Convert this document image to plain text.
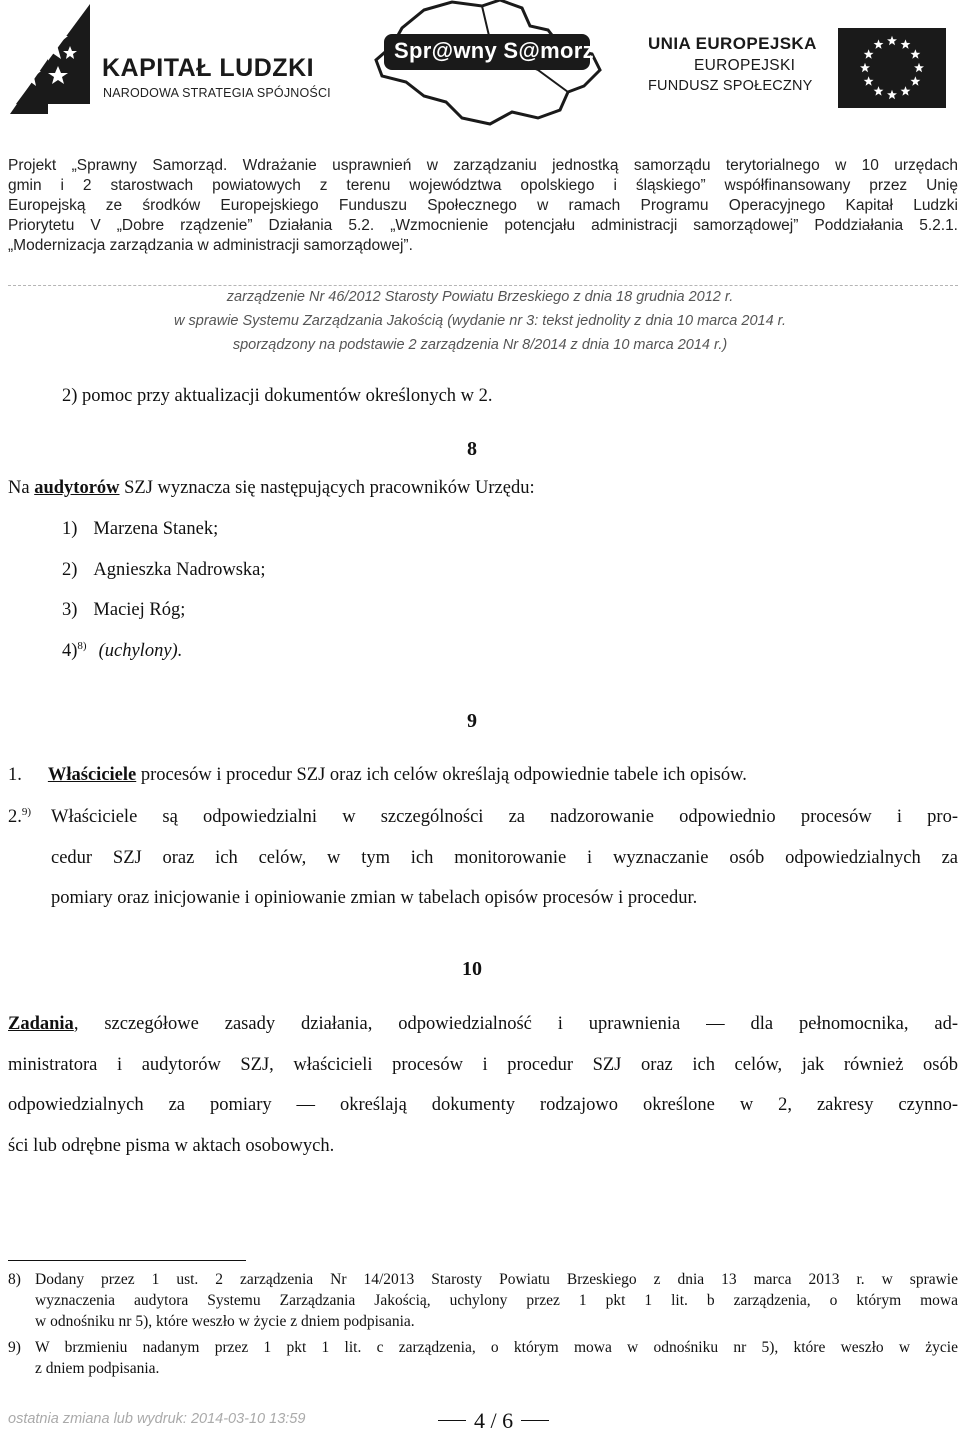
KAPITAŁ LUDZKI
NARODOWA STRATEGIA SPÓJNOŚCI
Spr@wny S@morząd UNIA EUROPEJSKA
EUROPEJSKI
FUNDUSZ SPOŁECZNY
Projekt „Sprawny Samorząd. Wdrażanie usprawnień w zarządzaniu jednostką samorządu terytorialnego w 10 urzędach
gmin i 2 starostwach powiatowych z terenu województwa opolskiego i śląskiego” współfinansowany przez Unię
Europejską ze środków Europejskiego Funduszu Społecznego w ramach Programu Operacyjnego Kapitał Ludzki
Priorytetu V „Dobre rządzenie” Działania 5.2. „Wzmocnienie potencjału administracji samorządowej” Poddziałania 5.2.1.
„Modernizacja zarządzania w administracji samorządowej”.
zarządzenie Nr 46/2012 Starosty Powiatu Brzeskiego z dnia 18 grudnia 2012 r.
w sprawie Systemu Zarządzania Jakością (wydanie nr 3: tekst jednolity z dnia 10 marca 2014 r.
sporządzony na podstawie 2 zarządzenia Nr 8/2014 z dnia 10 marca 2014 r.)
2) pomoc przy aktualizacji dokumentów określonych w 2.
8
Na audytorów SZJ wyznacza się następujących pracowników Urzędu:
1) Marzena Stanek;
2) Agnieszka Nadrowska;
3) Maciej Róg;
4)$^{8)}$ (uchylony).
9
1. Właściciele procesów i procedur SZJ oraz ich celów określają odpowiednie tabele ich opisów.
2.$^{9)}$ Właściciele są odpowiedzialni w szczególności za nadzorowanie odpowiednio procesów i pro-
cedur SZJ oraz ich celów, w tym ich monitorowanie i wyznaczanie osób odpowiedzialnych za
pomiary oraz inicjowanie i opiniowanie zmian w tabelach opisów procesów i procedur.
10
Zadania, szczegółowe zasady działania, odpowiedzialność i uprawnienia — dla pełnomocnika, ad-
ministratora i audytorów SZJ, właścicieli procesów i procedur SZJ oraz ich celów, jak również osób
odpowiedzialnych za pomiary — określają dokumenty rodzajowo określone w 2, zakresy czynno-
ści lub odrębne pisma w aktach osobowych.
8) Dodany przez 1 ust. 2 zarządzenia Nr 14/2013 Starosty Powiatu Brzeskiego z dnia 13 marca 2013 r. w sprawie
wyznaczenia audytora Systemu Zarządzania Jakością, uchylony przez 1 pkt 1 lit. b zarządzenia, o którym mowa
w odnośniku nr 5), które weszło w życie z dniem podpisania.
9) W brzmieniu nadanym przez 1 pkt 1 lit. c zarządzenia, o którym mowa w odnośniku nr 5), które weszło w życie
z dniem podpisania.
ostatnia zmiana lub wydruk: 2014-03-10 13:59	4 / 6
